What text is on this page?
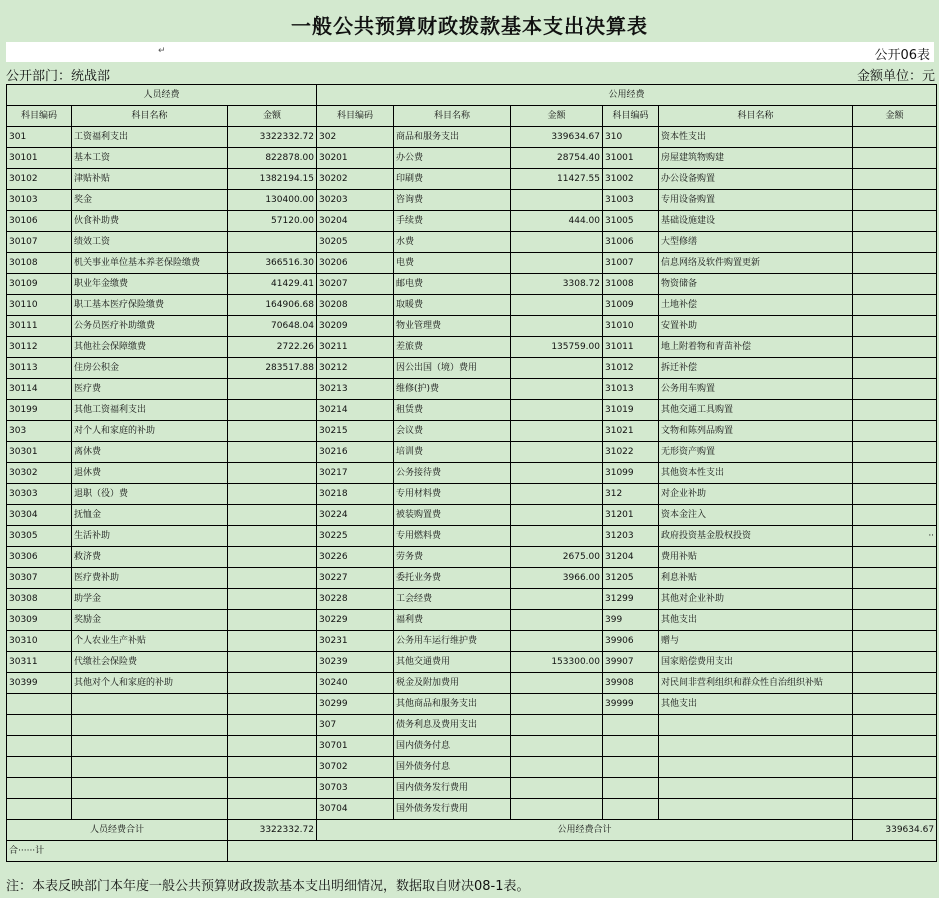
一般公共预算财政拨款基本支出决算表
↵	公开06表
公开部门：统战部	金额单位：元
人员经费			公用经费					
科目编码	科目名称	金额	科目编码	科目名称	金额	科目编码	科目名称	金额
301	工资福利支出	3322332.72	302	商品和服务支出	339634.67	310	资本性支出	
30101	基本工资	822878.00	30201	办公费	28754.40	31001	房屋建筑物购建	
30102	津贴补贴	1382194.15	30202	印刷费	11427.55	31002	办公设备购置	
30103	奖金	130400.00	30203	咨询费		31003	专用设备购置	
30106	伙食补助费	57120.00	30204	手续费	444.00	31005	基础设施建设	
30107	绩效工资		30205	水费		31006	大型修缮	
30108	机关事业单位基本养老保险缴费	366516.30	30206	电费		31007	信息网络及软件购置更新	
30109	职业年金缴费	41429.41	30207	邮电费	3308.72	31008	物资储备	
30110	职工基本医疗保险缴费	164906.68	30208	取暖费		31009	土地补偿	
30111	公务员医疗补助缴费	70648.04	30209	物业管理费		31010	安置补助	
30112	其他社会保障缴费	2722.26	30211	差旅费	135759.00	31011	地上附着物和青苗补偿	
30113	住房公积金	283517.88	30212	因公出国（境）费用		31012	拆迁补偿	
30114	医疗费		30213	维修(护)费		31013	公务用车购置	
30199	其他工资福利支出		30214	租赁费		31019	其他交通工具购置	
303	对个人和家庭的补助		30215	会议费		31021	文物和陈列品购置	
30301	离休费		30216	培训费		31022	无形资产购置	
30302	退休费		30217	公务接待费		31099	其他资本性支出	
30303	退职（役）费		30218	专用材料费		312	对企业补助	
30304	抚恤金		30224	被装购置费		31201	资本金注入	
30305	生活补助		30225	专用燃料费		31203	政府投资基金股权投资	··
30306	救济费		30226	劳务费	2675.00	31204	费用补贴	
30307	医疗费补助		30227	委托业务费	3966.00	31205	利息补贴	
30308	助学金		30228	工会经费		31299	其他对企业补助	
30309	奖励金		30229	福利费		399	其他支出	
30310	个人农业生产补贴		30231	公务用车运行维护费		39906	赠与	
30311	代缴社会保险费		30239	其他交通费用	153300.00	39907	国家赔偿费用支出	
30399	其他对个人和家庭的补助		30240	税金及附加费用		39908	对民间非营利组织和群众性自治组织补贴	
			30299	其他商品和服务支出		39999	其他支出	
			307	债务利息及费用支出				
			30701	国内债务付息				
			30702	国外债务付息				
			30703	国内债务发行费用				
			30704	国外债务发行费用				
人员经费合计		3322332.72	公用经费合计					339634.67
合······计								
注：本表反映部门本年度一般公共预算财政拨款基本支出明细情况，数据取自财决08-1表。
